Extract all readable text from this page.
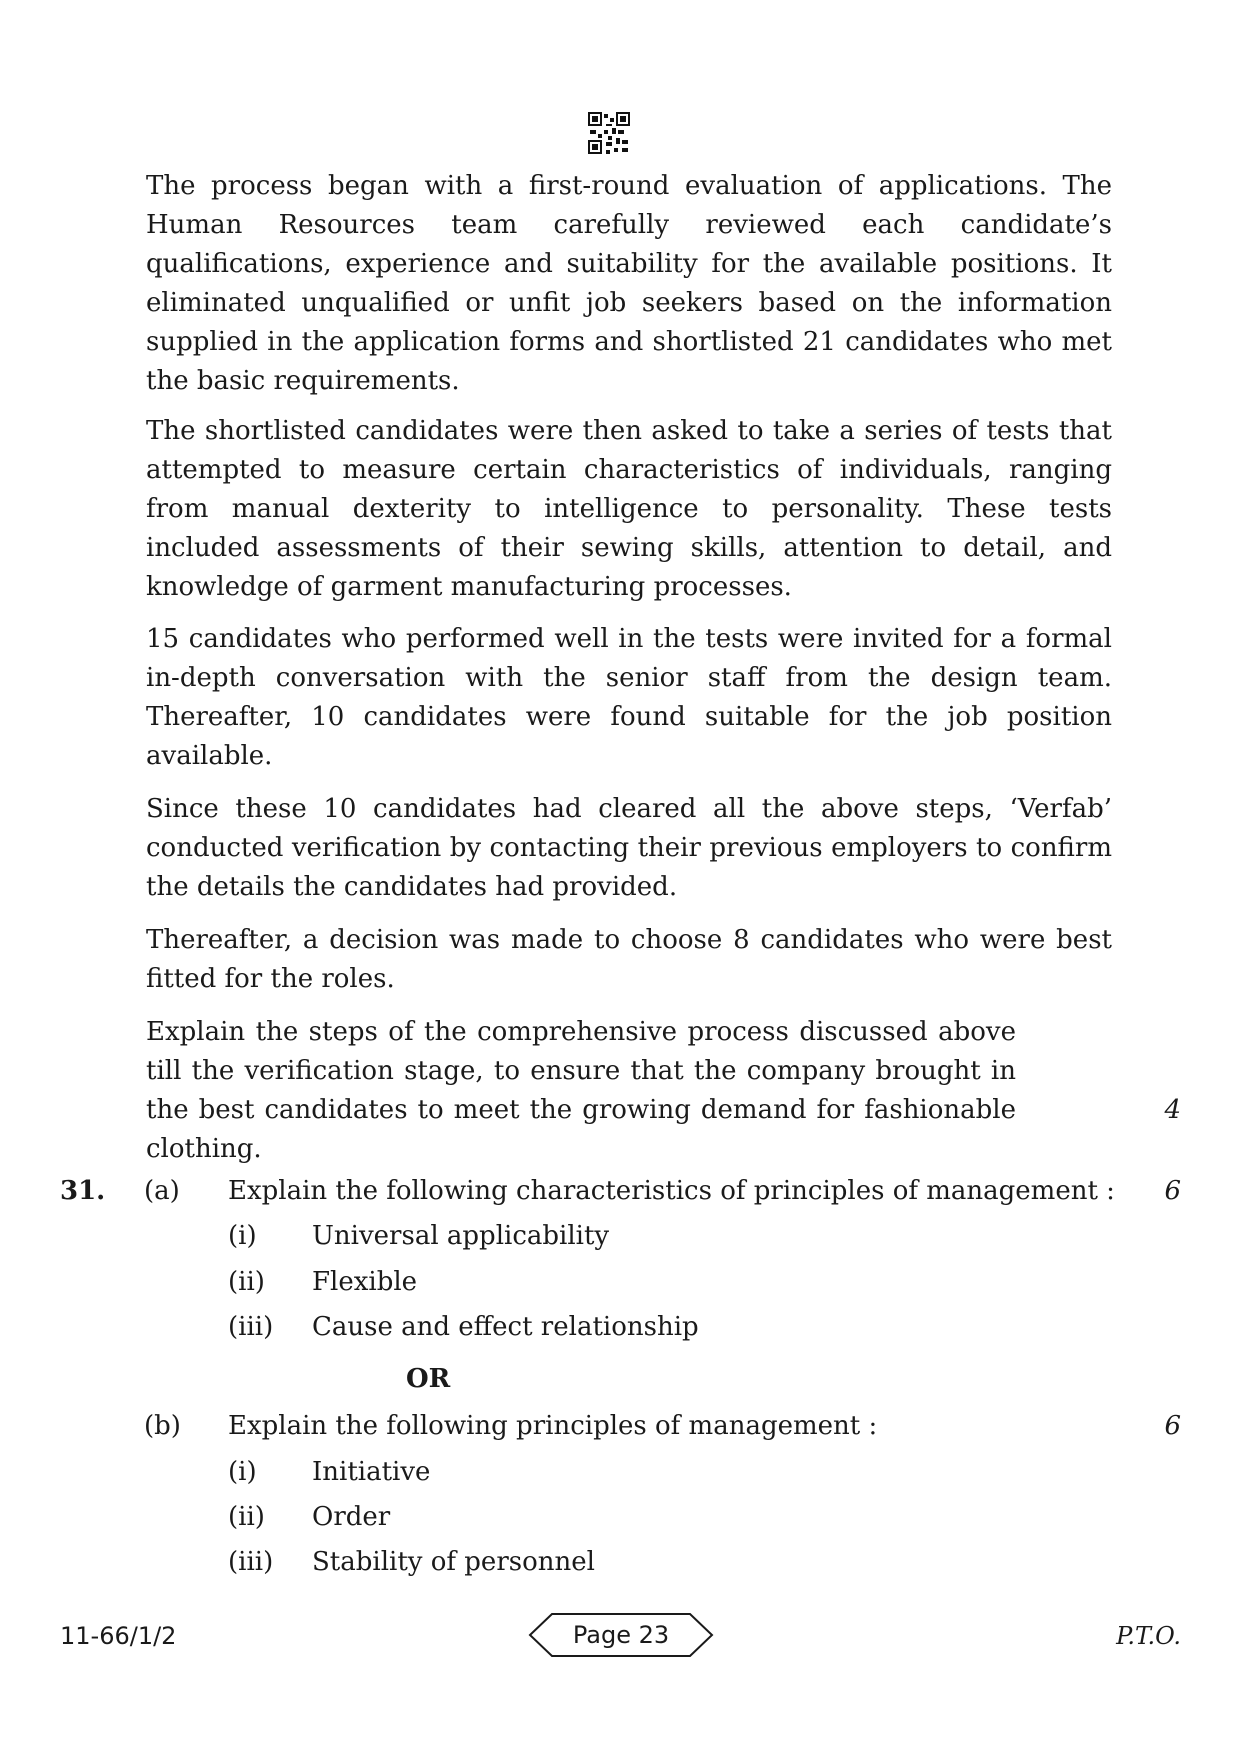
The process began with a first-round evaluation of applications. The Human Resources team carefully reviewed each candidate’s qualifications, experience and suitability for the available positions. It eliminated unqualified or unfit job seekers based on the information supplied in the application forms and shortlisted 21 candidates who met the basic requirements.

The shortlisted candidates were then asked to take a series of tests that attempted to measure certain characteristics of individuals, ranging from manual dexterity to intelligence to personality. These tests included assessments of their sewing skills, attention to detail, and knowledge of garment manufacturing processes.

15 candidates who performed well in the tests were invited for a formal in-depth conversation with the senior staff from the design team. Thereafter, 10 candidates were found suitable for the job position available.

Since these 10 candidates had cleared all the above steps, ‘Verfab’ conducted verification by contacting their previous employers to confirm the details the candidates had provided.

Thereafter, a decision was made to choose 8 candidates who were best fitted for the roles.

Explain the steps of the comprehensive process discussed above till the verification stage, to ensure that the company brought in the best candidates to meet the growing demand for fashionable clothing.

4
31. (a) Explain the following characteristics of principles of management : 6
(i) Universal applicability
(ii) Flexible
(iii) Cause and effect relationship
OR
(b) Explain the following principles of management :	6
(i) Initiative
(ii) Order
(iii) Stability of personnel
11-66/1/2	Page 23	P.T.O.
